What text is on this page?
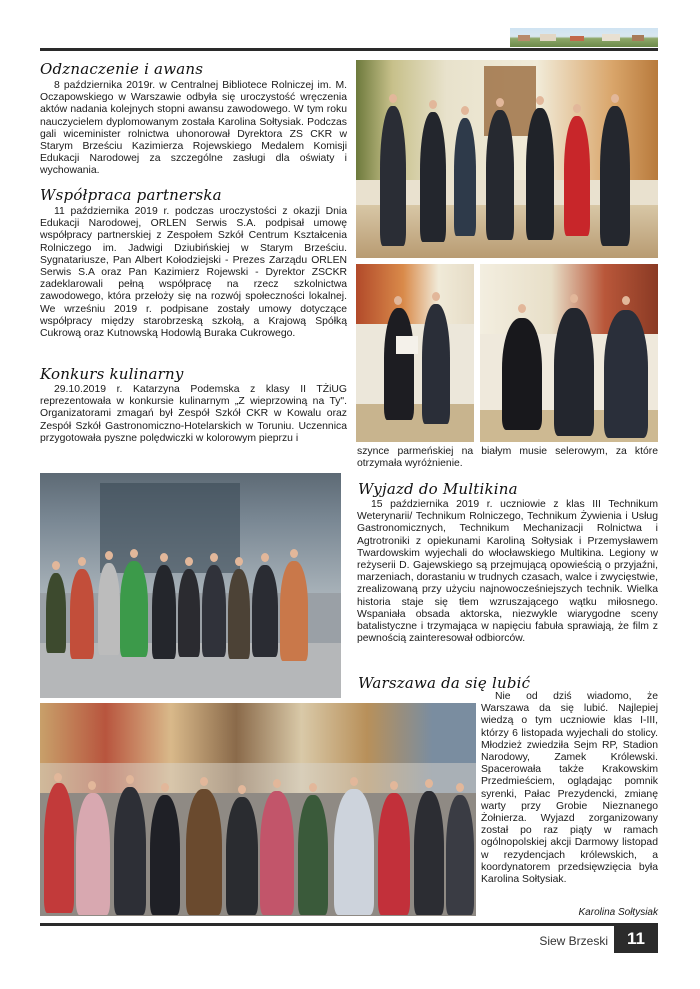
Odznaczenie i awans

8 października 2019r. w Centralnej Bibliotece Rolniczej im. M. Oczapowskiego w Warszawie odbyła się uroczystość wręczenia aktów nadania kolejnych stopni awansu zawodowego. W tym roku nauczycielem dyplomowanym została Karolina Sołtysiak. Podczas gali wiceminister rolnictwa uhonorował Dyrektora ZS CKR w Starym Brześciu Kazimierza Rojewskiego Medalem Komisji Edukacji Narodowej za szczególne zasługi dla oświaty i wychowania.

Współpraca partnerska

11 października 2019 r. podczas uroczystości z okazji Dnia Edukacji Narodowej, ORLEN Serwis S.A. podpisał umowę współpracy partnerskiej z Zespołem Szkół Centrum Kształcenia Rolniczego im. Jadwigi Dziubińskiej w Starym Brześciu. Sygnatariusze, Pan Albert Kołodziejski - Prezes Zarządu ORLEN Serwis S.A oraz Pan Kazimierz Rojewski - Dyrektor ZSCKR zadeklarowali pełną współpracę na rzecz szkolnictwa zawodowego, która przełoży się na rozwój społeczności lokalnej. We wrześniu 2019 r. podpisane zostały umowy dotyczące współpracy między starobrzeską szkołą, a Krajową Spółką Cukrową oraz Kutnowską Hodowlą Buraka Cukrowego.

Konkurs kulinarny

29.10.2019 r. Katarzyna Podemska z klasy II TŻiUG reprezentowała w konkursie kulinarnym „Z wieprzowiną na Ty". Organizatorami zmagań był Zespół Szkół CKR w Kowalu oraz Zespół Szkół Gastronomiczno-Hotelarskich w Toruniu. Uczennica przygotowała pyszne polędwiczki w kolorowym pieprzu i

szynce parmeńskiej na białym musie selerowym, za które otrzymała wyróżnienie.
Wyjazd do Multikina

15 października 2019 r. uczniowie z klas III Technikum Weterynarii/ Technikum Rolniczego, Technikum Żywienia i Usług Gastronomicznych, Technikum Mechanizacji Rolnictwa i Agtrotroniki z opiekunami Karoliną Sołtysiak i Przemysławem Twardowskim wyjechali do włocławskiego Multikina. Legiony w reżyserii D. Gajewskiego są przejmującą opowieścią o przyjaźni, marzeniach, dorastaniu w trudnych czasach, walce i zwycięstwie, zrealizowaną przy użyciu najnowocześniejszych technik. Wielka historia staje się tłem wzruszającego wątku miłosnego. Wspaniała obsada aktorska, niezwykle wiarygodne sceny batalistyczne i trzymająca w napięciu fabuła sprawiają, że film z pewnością zainteresował odbiorców.

Warszawa da się lubić

Nie od dziś wiadomo, że Warszawa da się lubić. Najlepiej wiedzą o tym uczniowie klas I-III, którzy 6 listopada wyjechali do stolicy. Młodzież zwiedziła Sejm RP, Stadion Narodowy, Zamek Królewski. Spacerowała także Krakowskim Przedmieściem, oglądając pomnik syrenki, Pałac Prezydencki, zmianę warty przy Grobie Nieznanego Żołnierza. Wyjazd zorganizowany został po raz piąty w ramach ogólnopolskiej akcji Darmowy listopad w rezydencjach królewskich, a koordynatorem przedsięwzięcia była Karolina Sołtysiak.

Karolina Sołtysiak
Siew Brzeski	11
